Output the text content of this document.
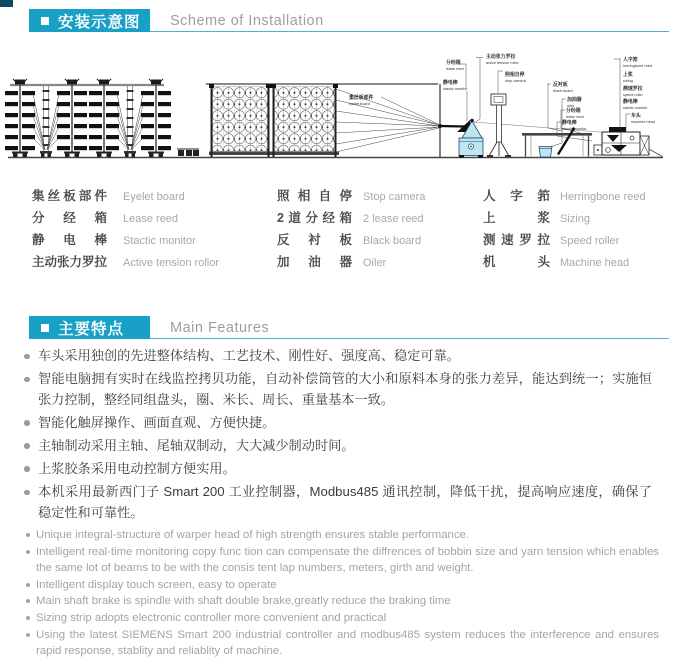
安装示意图 Scheme of Installation
集丝板部件
eyelet board
分经箱
lease reed
静电棒
stactic monitor
主动张力罗拉
active tension rollor
照相自停
stop camera
反衬板
black board
加油器
oiler
分经箱
lease reed
静电棒
stactic monitor
人字筘
herringbone reed
上浆
sizing
测速罗拉
speed roller
静电棒
stactic monitor
车头
machine head
集丝板部件 Eyelet board
分经箱 Lease reed
静电棒 Stactic monitor
主动张力罗拉 Active tension rollor
照相自停 Stop camera
2道分经箱 2 lease reed
反衬板 Black board
加油器 Oiler
人字筘 Herringbone reed
上浆 Sizing
测速罗拉 Speed roller
机头 Machine head
主要特点	Main Features
车头采用独创的先进整体结构、工艺技术、刚性好、强度高、稳定可靠。
智能电脑拥有实时在线监控拷贝功能，自动补偿筒管的大小和原料本身的张力差异，能达到统一；实施恒张力控制，整经同组盘头，圈、米长、周长、重量基本一致。
智能化触屏操作、画面直观、方便快捷。
主轴制动采用主轴、尾轴双制动，大大减少制动时间。
上浆胶条采用电动控制方便实用。
本机采用最新西门子 Smart 200 工业控制器，Modbus485 通讯控制，降低干扰，提高响应速度，确保了稳定性和可靠性。
Unique integral-structure of warper head of high strength ensures stable performance.
Intelligent real-time monitoring copy func tion can compensate the diffrences of bobbin size and yarn tension which enables the same lot of beams to be with the consis tent lap numbers, meters, girth and weight.
Intelligent display touch screen, easy to operate
Main shaft brake is spindle with shaft double brake,greatly reduce the braking time
Sizing strip adopts electronic controller more convenient and practical
Using the latest SIEMENS Smart 200 industrial controller and modbus485 system reduces the interference and ensures rapid response, stablity and reliablity of machine.
